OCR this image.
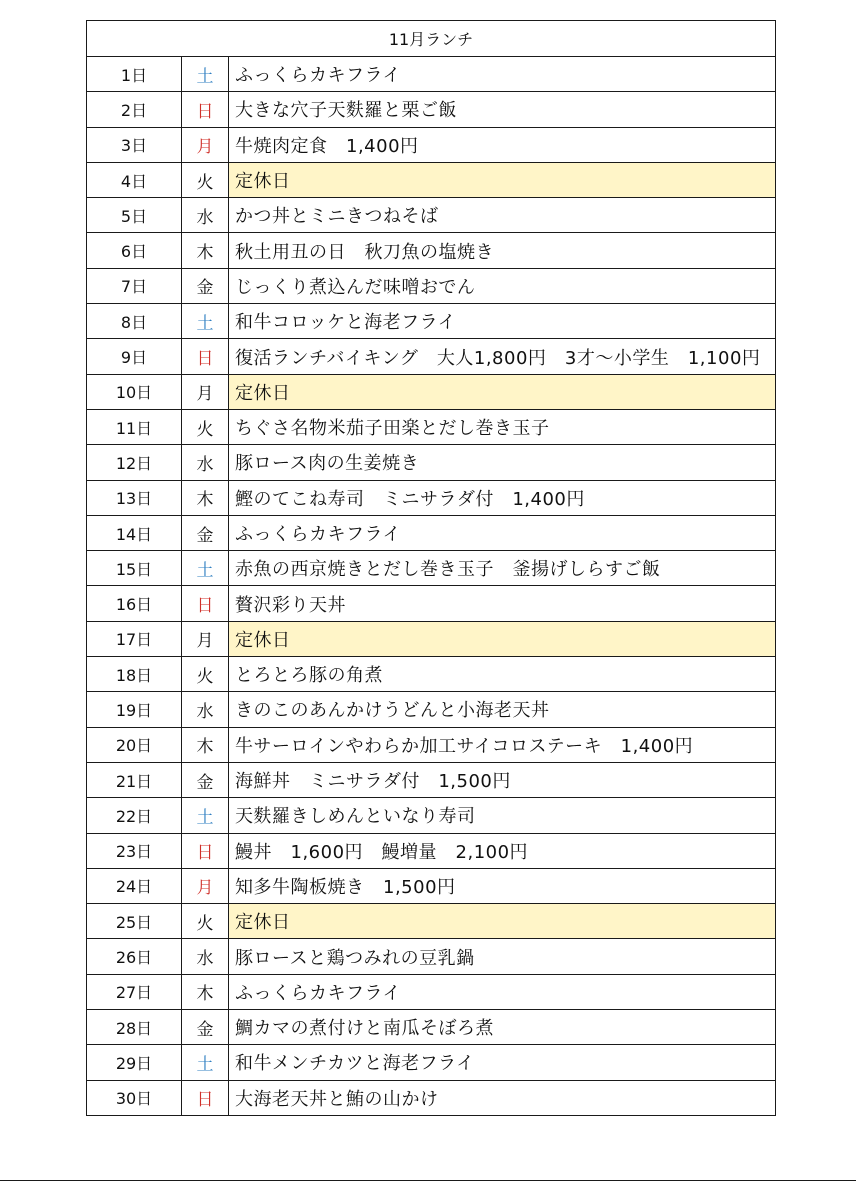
11月ランチ		
1日	土	ふっくらカキフライ
2日	日	大きな穴子天麩羅と栗ご飯
3日	月	牛焼肉定食　1,400円
4日	火	定休日
5日	水	かつ丼とミニきつねそば
6日	木	秋土用丑の日　秋刀魚の塩焼き
7日	金	じっくり煮込んだ味噌おでん
8日	土	和牛コロッケと海老フライ
9日	日	復活ランチバイキング　大人1,800円　3才～小学生　1,100円
10日	月	定休日
11日	火	ちぐさ名物米茄子田楽とだし巻き玉子
12日	水	豚ロース肉の生姜焼き
13日	木	鰹のてこね寿司　ミニサラダ付　1,400円
14日	金	ふっくらカキフライ
15日	土	赤魚の西京焼きとだし巻き玉子　釜揚げしらすご飯
16日	日	贅沢彩り天丼
17日	月	定休日
18日	火	とろとろ豚の角煮
19日	水	きのこのあんかけうどんと小海老天丼
20日	木	牛サーロインやわらか加工サイコロステーキ　1,400円
21日	金	海鮮丼　ミニサラダ付　1,500円
22日	土	天麩羅きしめんといなり寿司
23日	日	鰻丼　1,600円　鰻増量　2,100円
24日	月	知多牛陶板焼き　1,500円
25日	火	定休日
26日	水	豚ロースと鶏つみれの豆乳鍋
27日	木	ふっくらカキフライ
28日	金	鯛カマの煮付けと南瓜そぼろ煮
29日	土	和牛メンチカツと海老フライ
30日	日	大海老天丼と鮪の山かけ
